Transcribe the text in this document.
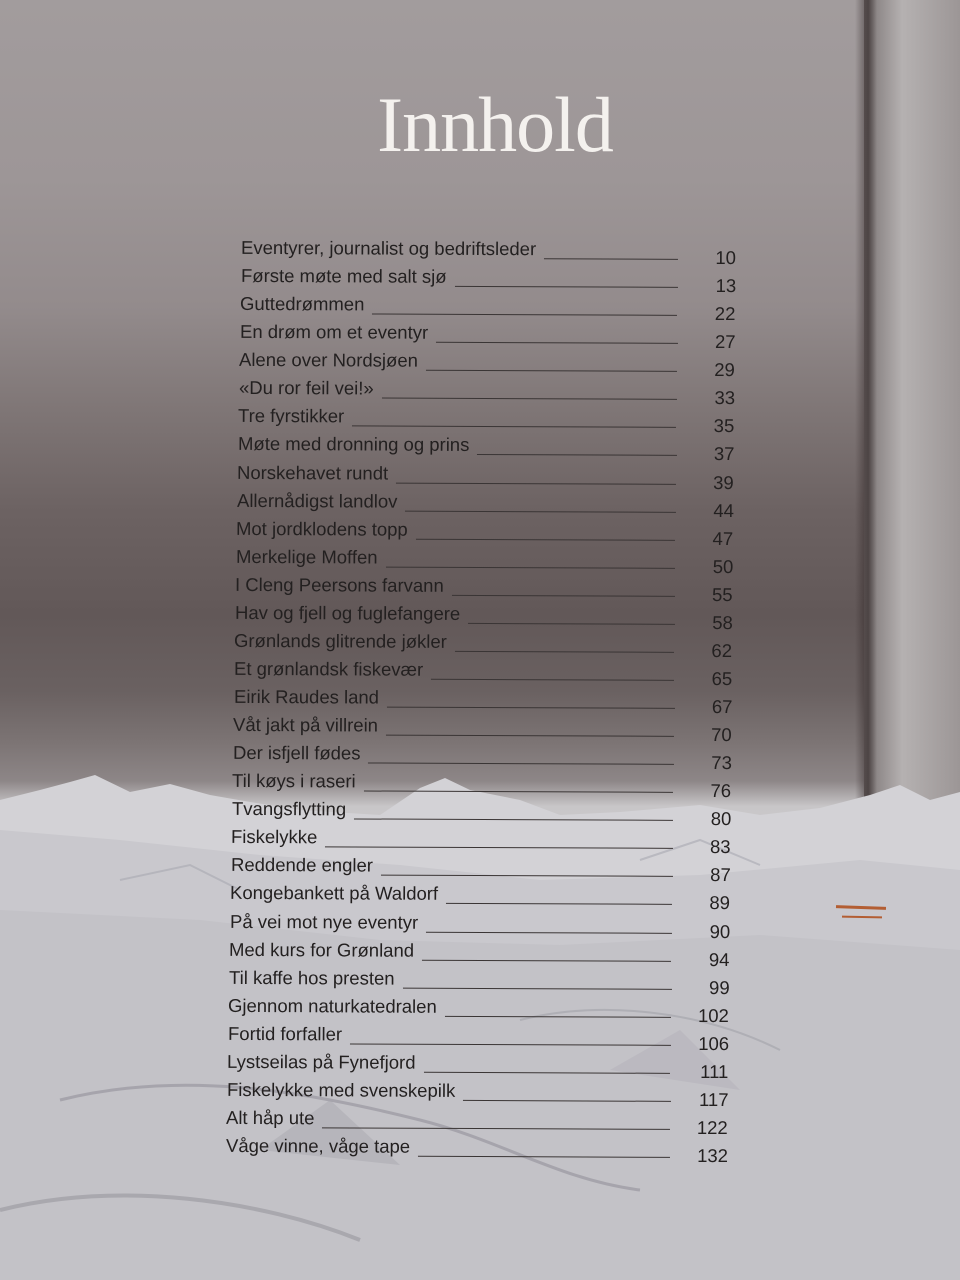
Innhold
Eventyrer, journalist og bedriftsleder	10
Første møte med salt sjø	13
Guttedrømmen	22
En drøm om et eventyr	27
Alene over Nordsjøen	29
«Du ror feil vei!»	33
Tre fyrstikker	35
Møte med dronning og prins	37
Norskehavet rundt	39
Allernådigst landlov	44
Mot jordklodens topp	47
Merkelige Moffen	50
I Cleng Peersons farvann	55
Hav og fjell og fuglefangere	58
Grønlands glitrende jøkler	62
Et grønlandsk fiskevær	65
Eirik Raudes land	67
Våt jakt på villrein	70
Der isfjell fødes	73
Til køys i raseri	76
Tvangsflytting	80
Fiskelykke	83
Reddende engler	87
Kongebankett på Waldorf	89
På vei mot nye eventyr	90
Med kurs for Grønland	94
Til kaffe hos presten	99
Gjennom naturkatedralen	102
Fortid forfaller	106
Lystseilas på Fynefjord	111
Fiskelykke med svenskepilk	117
Alt håp ute	122
Våge vinne, våge tape	132
